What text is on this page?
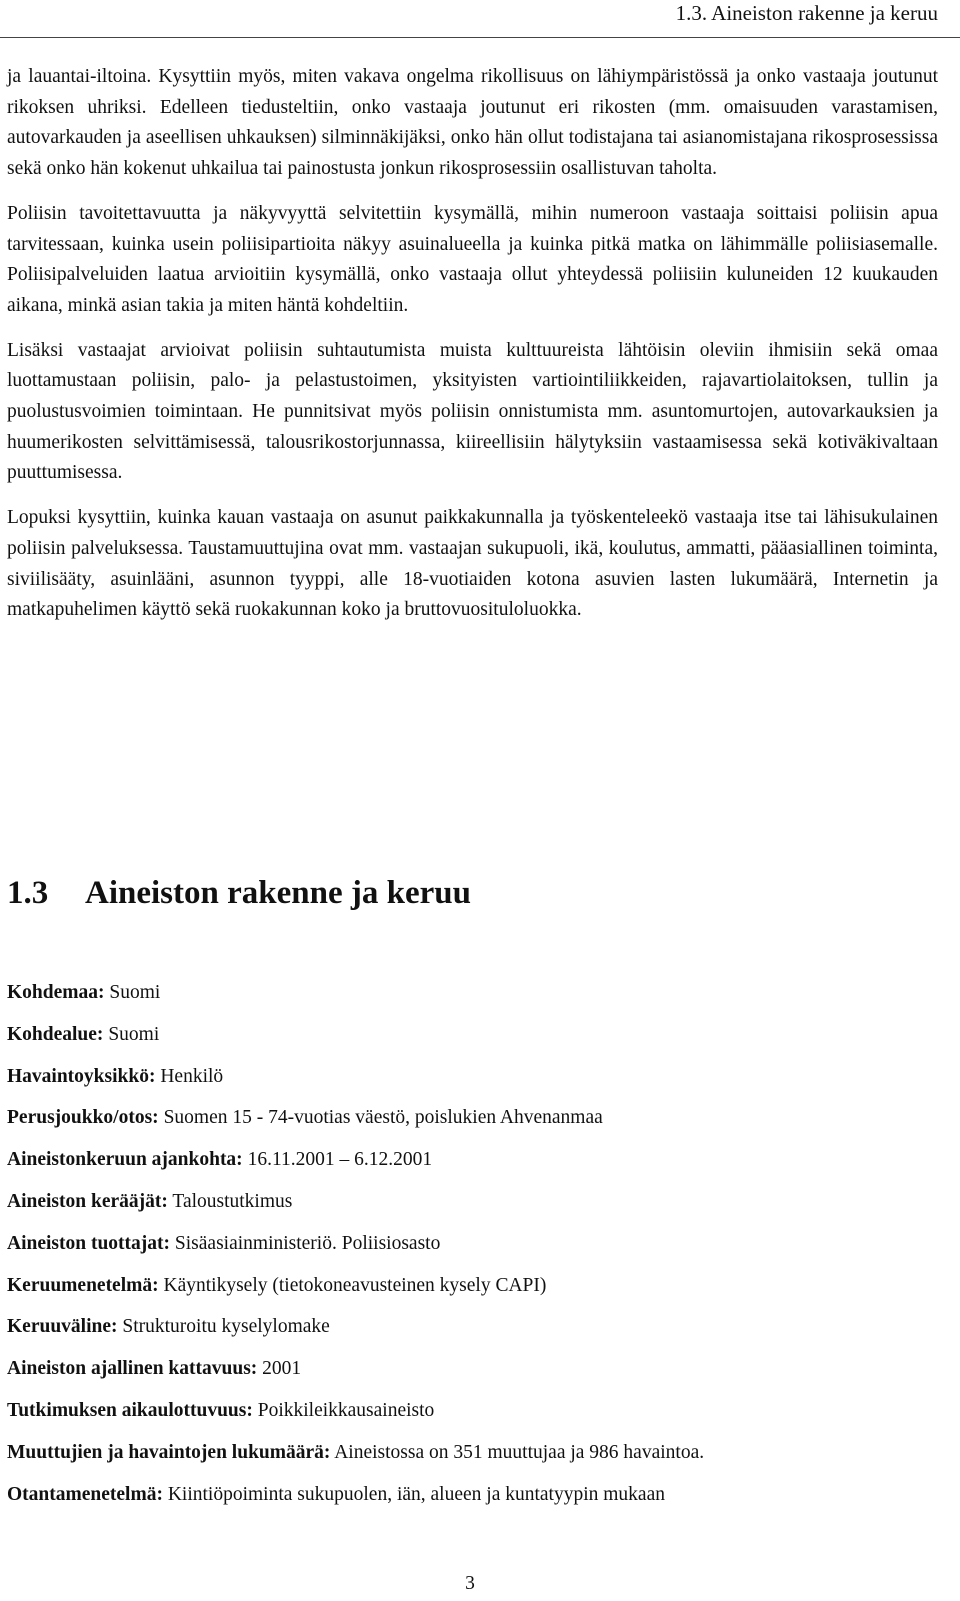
1.3. Aineiston rakenne ja keruu

ja lauantai-iltoina. Kysyttiin myös, miten vakava ongelma rikollisuus on lähiympäristössä ja onko vastaaja joutunut rikoksen uhriksi. Edelleen tiedusteltiin, onko vastaaja joutunut eri rikosten (mm. omaisuuden varastamisen, autovarkauden ja aseellisen uhkauksen) silminnäkijäksi, onko hän ollut todistajana tai asianomistajana rikosprosessissa sekä onko hän kokenut uhkailua tai painostusta jonkun rikosprosessiin osallistuvan taholta.

Poliisin tavoitettavuutta ja näkyvyyttä selvitettiin kysymällä, mihin numeroon vastaaja soittaisi poliisin apua tarvitessaan, kuinka usein poliisipartioita näkyy asuinalueella ja kuinka pitkä matka on lähimmälle poliisiasemalle. Poliisipalveluiden laatua arvioitiin kysymällä, onko vastaaja ollut yhteydessä poliisiin kuluneiden 12 kuukauden aikana, minkä asian takia ja miten häntä kohdeltiin.

Lisäksi vastaajat arvioivat poliisin suhtautumista muista kulttuureista lähtöisin oleviin ihmisiin sekä omaa luottamustaan poliisin, palo- ja pelastustoimen, yksityisten vartiointiliikkeiden, rajavartiolaitoksen, tullin ja puolustusvoimien toimintaan. He punnitsivat myös poliisin onnistumista mm. asuntomurtojen, autovarkauksien ja huumerikosten selvittämisessä, talousrikostorjunnassa, kiireellisiin hälytyksiin vastaamisessa sekä kotiväkivaltaan puuttumisessa.

Lopuksi kysyttiin, kuinka kauan vastaaja on asunut paikkakunnalla ja työskenteleekö vastaaja itse tai lähisukulainen poliisin palveluksessa. Taustamuuttujina ovat mm. vastaajan sukupuoli, ikä, koulutus, ammatti, pääasiallinen toiminta, siviilisääty, asuinlääni, asunnon tyyppi, alle 18-vuotiaiden kotona asuvien lasten lukumäärä, Internetin ja matkapuhelimen käyttö sekä ruokakunnan koko ja bruttovuosituloluokka.

1.3 Aineiston rakenne ja keruu
Kohdemaa: Suomi
Kohdealue: Suomi
Havaintoyksikkö: Henkilö
Perusjoukko/otos: Suomen 15 - 74-vuotias väestö, poislukien Ahvenanmaa
Aineistonkeruun ajankohta: 16.11.2001 – 6.12.2001
Aineiston kerääjät: Taloustutkimus
Aineiston tuottajat: Sisäasiainministeriö. Poliisiosasto
Keruumenetelmä: Käyntikysely (tietokoneavusteinen kysely CAPI)
Keruuväline: Strukturoitu kyselylomake
Aineiston ajallinen kattavuus: 2001
Tutkimuksen aikaulottuvuus: Poikkileikkausaineisto
Muuttujien ja havaintojen lukumäärä: Aineistossa on 351 muuttujaa ja 986 havaintoa.
Otantamenetelmä: Kiintiöpoiminta sukupuolen, iän, alueen ja kuntatyypin mukaan
3
